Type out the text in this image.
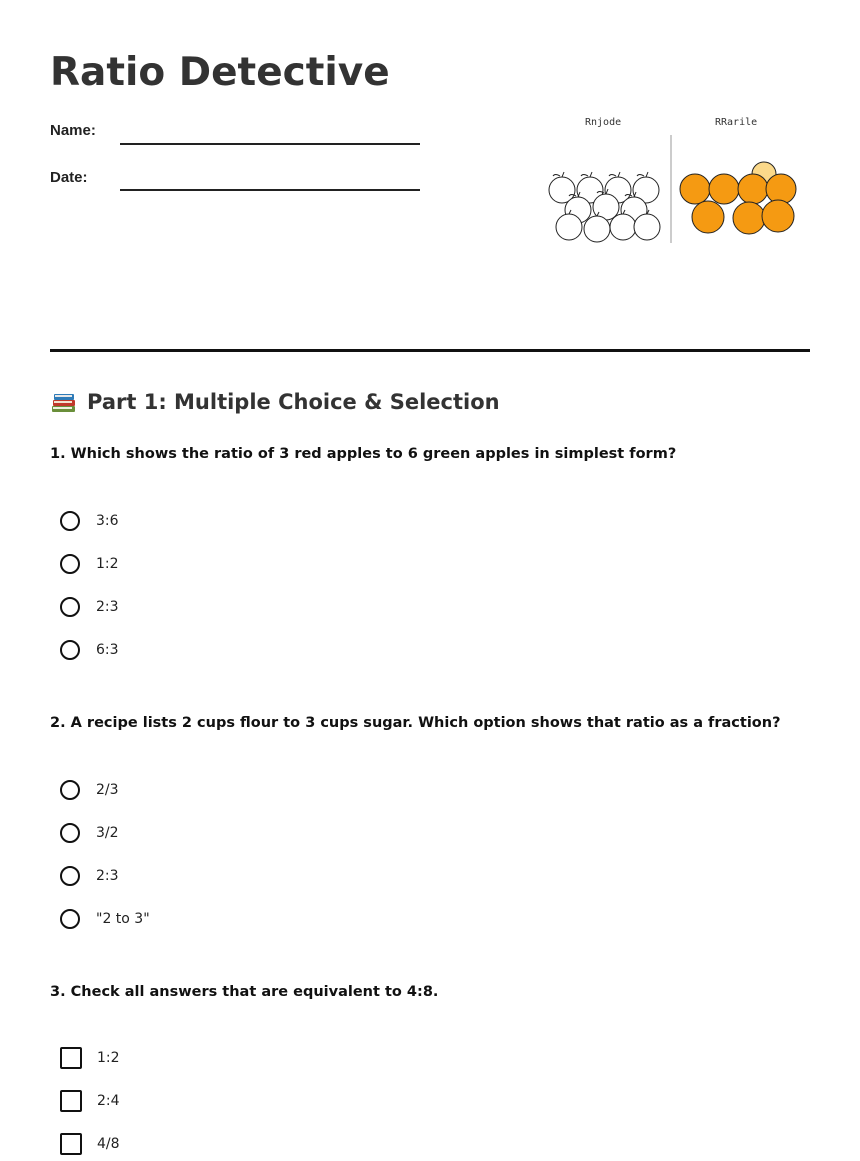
Ratio Detective
Name:
Date:
Rnjode	RRarile
Part 1: Multiple Choice & Selection

1. Which shows the ratio of 3 red apples to 6 green apples in simplest form?

3:6
1:2
2:3
6:3

2. A recipe lists 2 cups flour to 3 cups sugar. Which option shows that ratio as a fraction?

2/3
3/2
2:3
"2 to 3"

3. Check all answers that are equivalent to 4:8.

1:2
2:4
4/8
